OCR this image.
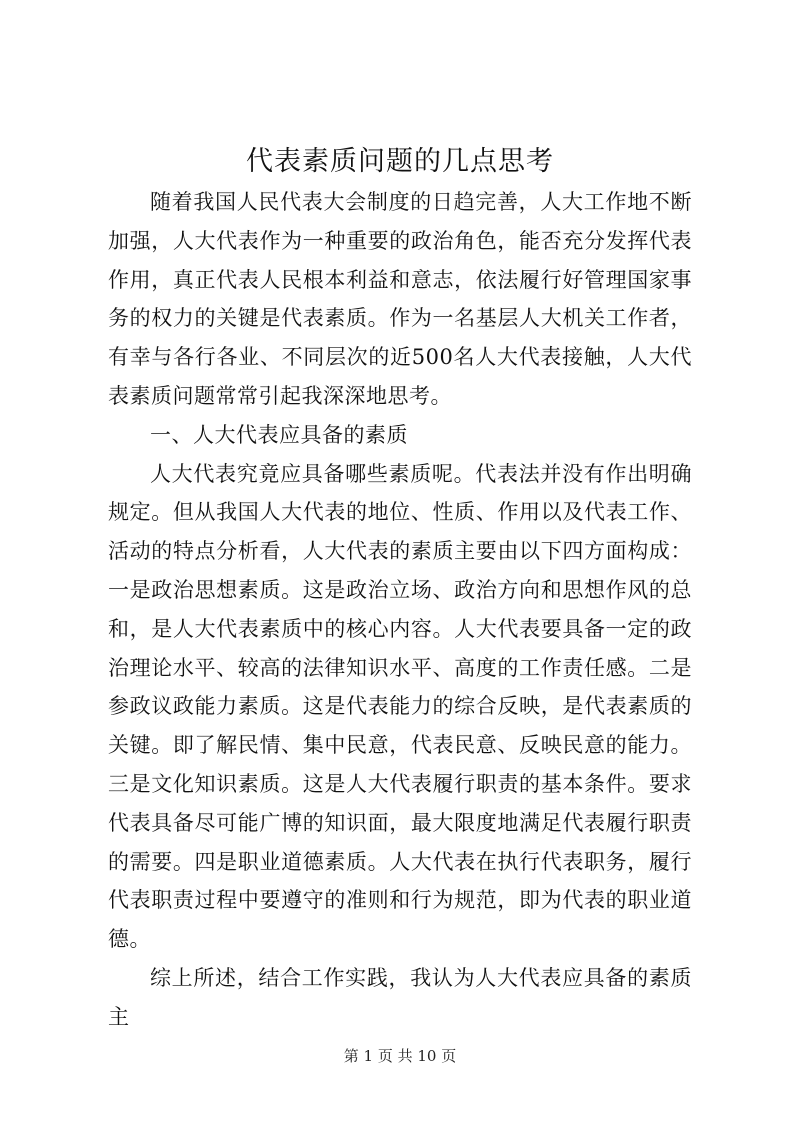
代表素质问题的几点思考

随着我国人民代表大会制度的日趋完善，人大工作地不断加强，人大代表作为一种重要的政治角色，能否充分发挥代表作用，真正代表人民根本利益和意志，依法履行好管理国家事务的权力的关键是代表素质。作为一名基层人大机关工作者，有幸与各行各业、不同层次的近500名人大代表接触，人大代表素质问题常常引起我深深地思考。

一、人大代表应具备的素质

人大代表究竟应具备哪些素质呢。代表法并没有作出明确规定。但从我国人大代表的地位、性质、作用以及代表工作、活动的特点分析看，人大代表的素质主要由以下四方面构成：一是政治思想素质。这是政治立场、政治方向和思想作风的总和，是人大代表素质中的核心内容。人大代表要具备一定的政治理论水平、较高的法律知识水平、高度的工作责任感。二是参政议政能力素质。这是代表能力的综合反映，是代表素质的关键。即了解民情、集中民意，代表民意、反映民意的能力。三是文化知识素质。这是人大代表履行职责的基本条件。要求代表具备尽可能广博的知识面，最大限度地满足代表履行职责的需要。四是职业道德素质。人大代表在执行代表职务，履行代表职责过程中要遵守的准则和行为规范，即为代表的职业道德。

综上所述，结合工作实践，我认为人大代表应具备的素质主

第 1 页 共 10 页
